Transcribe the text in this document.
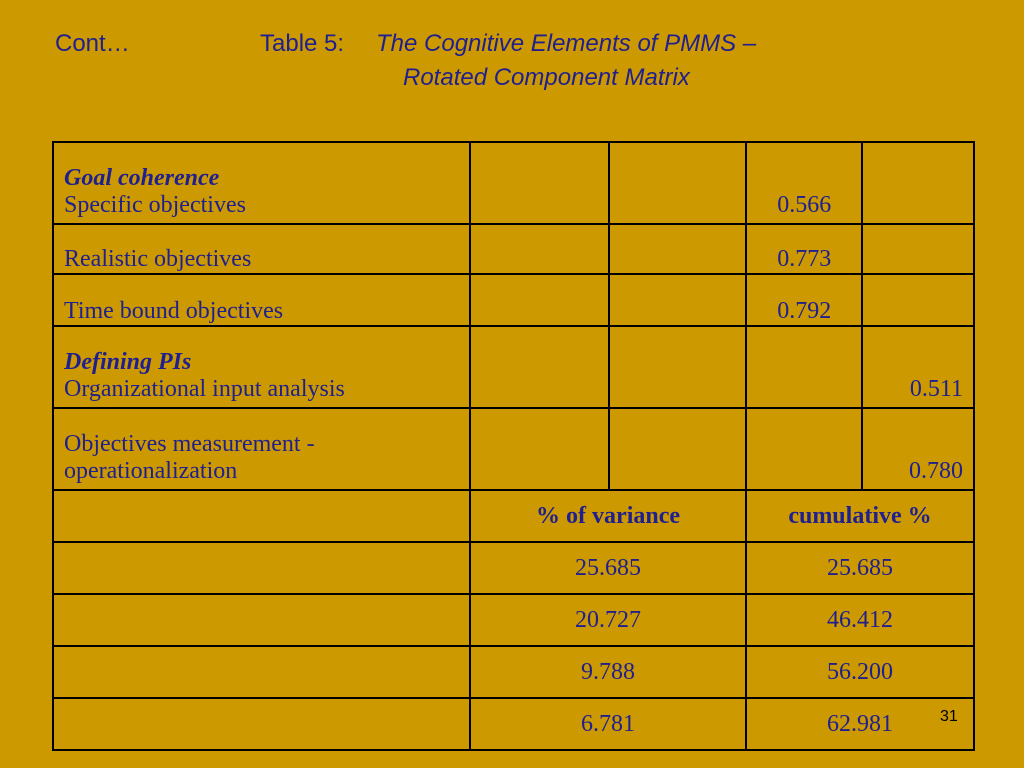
Cont…	Table 5: The Cognitive Elements of PMMS –
Rotated Component Matrix
Goal coherence
Specific objectives			0.566	
Realistic objectives			0.773	
Time bound objectives			0.792	

Defining PIs
Organizational input analysis				0.511
Objectives measurement - operationalization				0.780
	% of variance		cumulative %	
	25.685		25.685	
	20.727		46.412	
	9.788		56.200	
	6.781		62.981		31
